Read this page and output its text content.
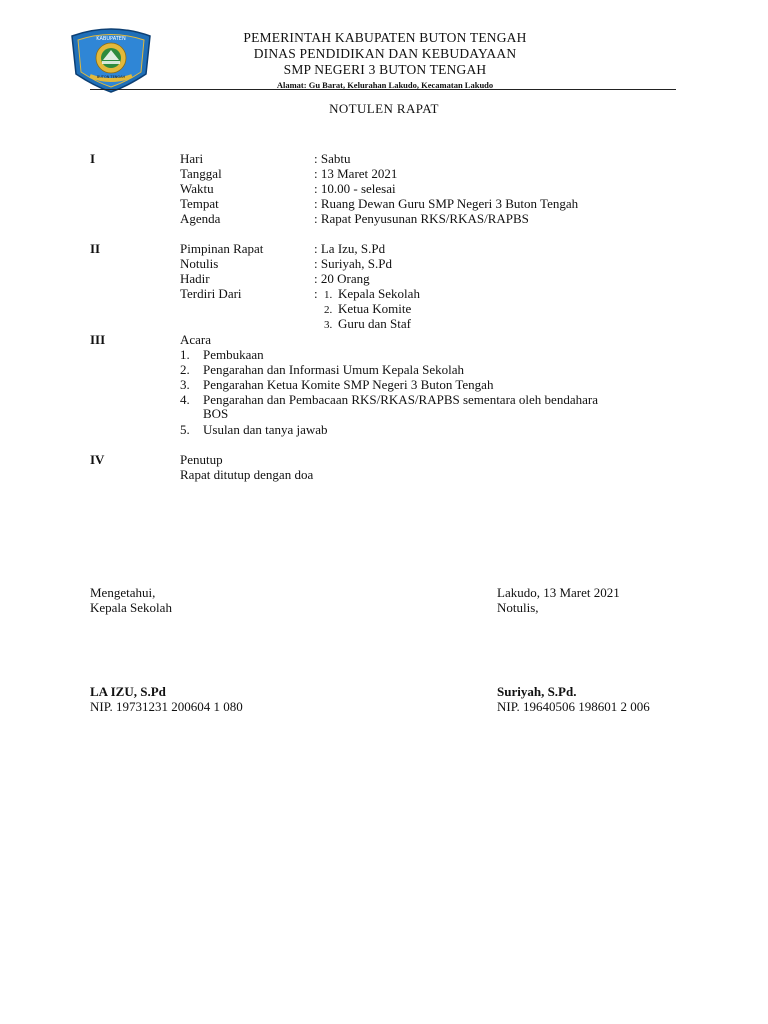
KABUPATEN
BUTON TENGAH
PEMERINTAH KABUPATEN BUTON TENGAH
DINAS PENDIDIKAN DAN KEBUDAYAAN
SMP NEGERI 3 BUTON TENGAH
Alamat: Gu Barat, Kelurahan Lakudo, Kecamatan Lakudo
NOTULEN RAPAT
I	Hari	: Sabtu
Tanggal	: 13 Maret 2021
Waktu	: 10.00 - selesai
Tempat	: Ruang Dewan Guru SMP Negeri 3 Buton Tengah
Agenda	: Rapat Penyusunan RKS/RKAS/RAPBS
II	Pimpinan Rapat	: La Izu, S.Pd
Notulis	: Suriyah, S.Pd
Hadir	: 20 Orang
Terdiri Dari	: 1. Kepala Sekolah
2. Ketua Komite
3. Guru dan Staf
III	Acara
1. Pembukaan
2. Pengarahan dan Informasi Umum Kepala Sekolah
3. Pengarahan Ketua Komite SMP Negeri 3 Buton Tengah
4. Pengarahan dan Pembacaan RKS/RKAS/RAPBS sementara oleh bendahara
BOS
5. Usulan dan tanya jawab
IV	Penutup
Rapat ditutup dengan doa
Mengetahui,
Kepala Sekolah
LA IZU, S.Pd
NIP. 19731231 200604 1 080
Lakudo, 13 Maret 2021
Notulis,
Suriyah, S.Pd.
NIP. 19640506 198601 2 006
